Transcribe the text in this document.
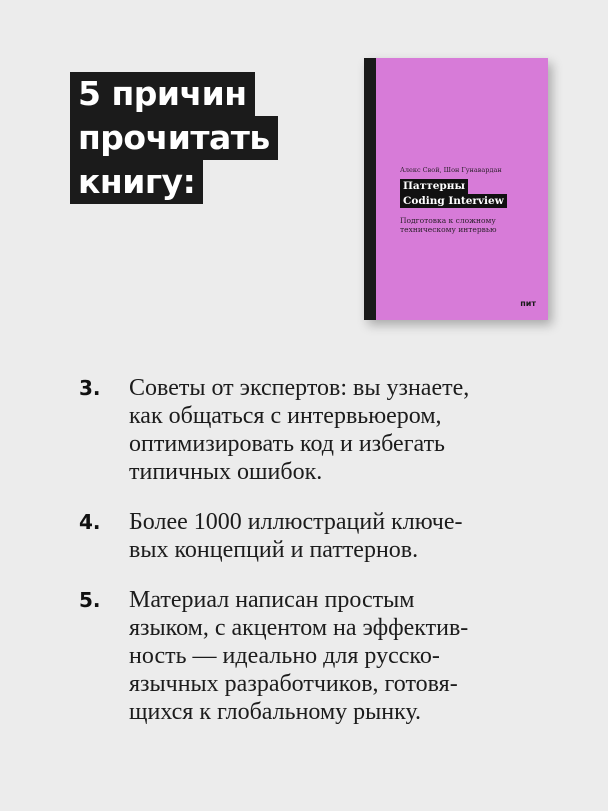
5 причин
прочитать
книгу:	Алекс Свой, Шон Гунавардан
Паттерны
Coding Interview
Подготовка к сложному
техническому интервью
пит
3. Советы от экспертов: вы узнаете,
как общаться с интервьюером,
оптимизировать код и избегать
типичных ошибок.
4. Более 1000 иллюстраций ключе-
вых концепций и паттернов.
5. Материал написан простым
языком, с акцентом на эффектив-
ность — идеально для русско-
язычных разработчиков, готовя-
щихся к глобальному рынку.
